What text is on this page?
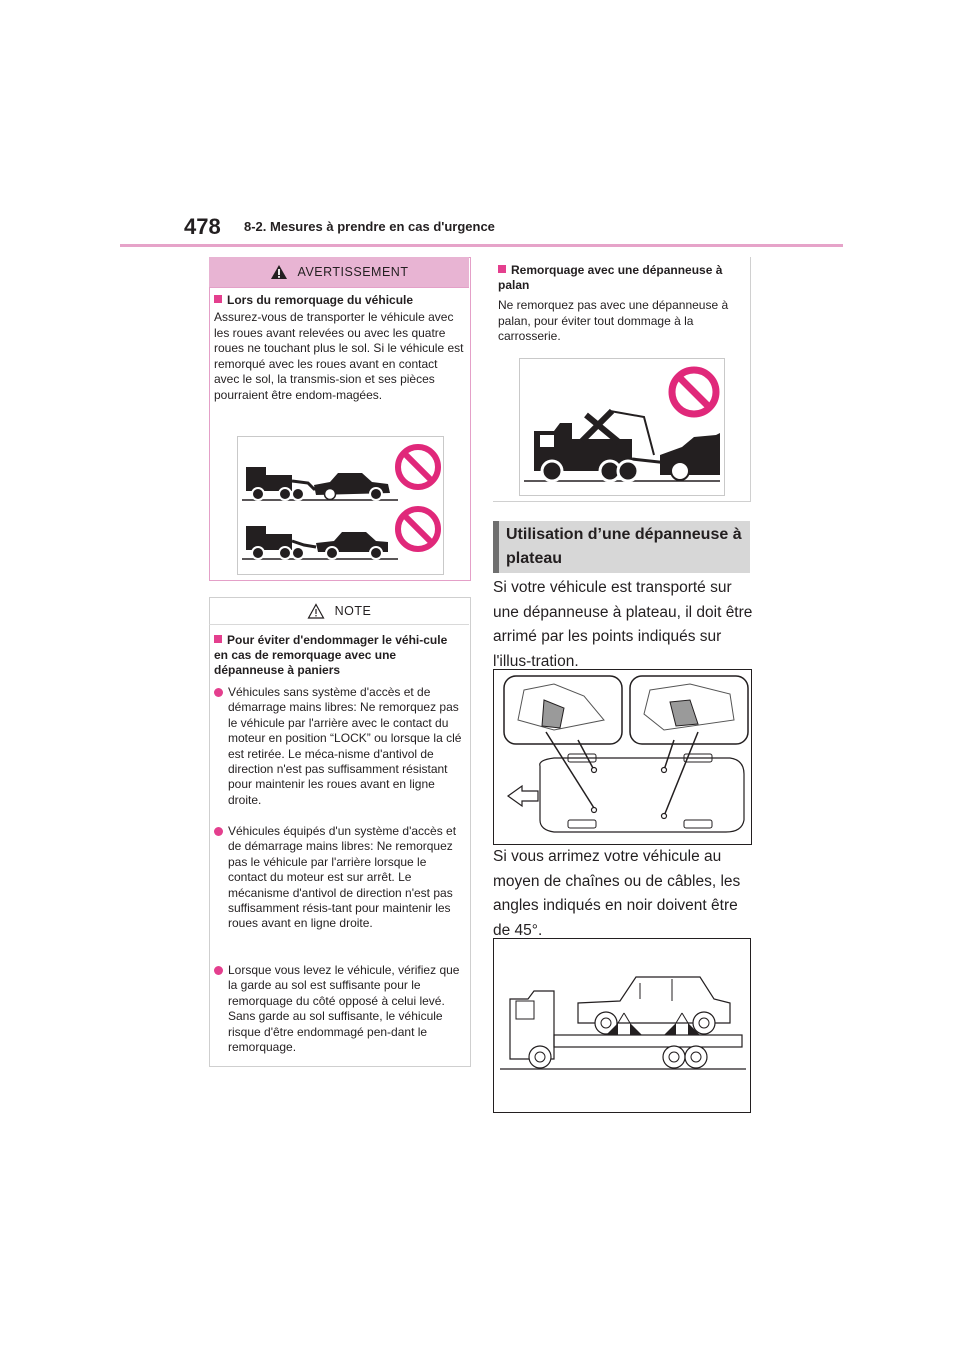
478 8-2. Mesures à prendre en cas d'urgence
AVERTISSEMENT
Lors du remorquage du véhicule
Assurez-vous de transporter le véhicule avec les roues avant relevées ou avec les quatre roues ne touchant plus le sol. Si le véhicule est remorqué avec les roues avant en contact avec le sol, la transmis-sion et ses pièces pourraient être endom-magées.
NOTE
Pour éviter d'endommager le véhi-cule en cas de remorquage avec une dépanneuse à paniers
Véhicules sans système d'accès et de démarrage mains libres: Ne remorquez pas le véhicule par l'arrière avec le contact du moteur en position “LOCK” ou lorsque la clé est retirée. Le méca-nisme d'antivol de direction n'est pas suffisamment résistant pour maintenir les roues avant en ligne droite.
Véhicules équipés d'un système d'accès et de démarrage mains libres: Ne remorquez pas le véhicule par l'arrière lorsque le contact du moteur est sur arrêt. Le mécanisme d'antivol de direction n'est pas suffisamment résis-tant pour maintenir les roues avant en ligne droite.
Lorsque vous levez le véhicule, vérifiez que la garde au sol est suffisante pour le remorquage du côté opposé à celui levé. Sans garde au sol suffisante, le véhicule risque d'être endommagé pen-dant le remorquage.
Remorquage avec une dépanneuse à palan
Ne remorquez pas avec une dépanneuse à palan, pour éviter tout dommage à la carrosserie.
Utilisation d’une dépanneuse à plateau
Si votre véhicule est transporté sur une dépanneuse à plateau, il doit être arrimé par les points indiqués sur l'illus-tration.
Si vous arrimez votre véhicule au moyen de chaînes ou de câbles, les angles indiqués en noir doivent être de 45°.
